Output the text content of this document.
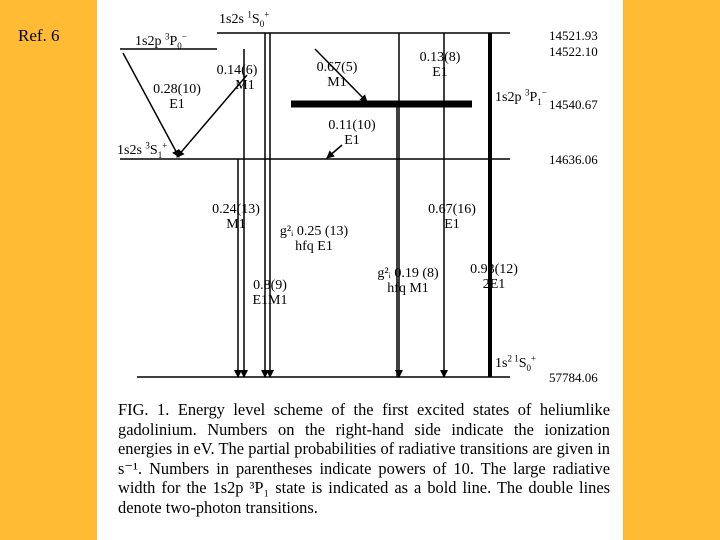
Ref. 6
1s2s $^1S_0^+$
1s2p $^3P_0^-$
1s2p $^3P_1^-$
1s2s $^3S_1^+$
$1s^{2 1}S_0^+$
14521.93
14522.10
14540.67
14636.06
57784.06
0.28(10)
E1
0.14(6)
M1
0.67(5)
M1
0.13(8)
E1
0.11(10)
E1
0.24(13)
M1	g²ᵢ 0.25 (13)
hfq E1
0.8(9)
E1M1
g²ᵢ 0.19 (8)
hfq M1
0.67(16)
E1
0.93(12)
2E1
FIG. 1. Energy level scheme of the first excited states of heliumlike gadolinium. Numbers on the right-hand side indicate the ionization energies in eV. The partial probabilities of radiative transitions are given in s⁻¹. Numbers in parentheses indicate powers of 10. The large radiative width for the 1s2p ³P₁ state is indicated as a bold line. The double lines denote two-photon transitions.
